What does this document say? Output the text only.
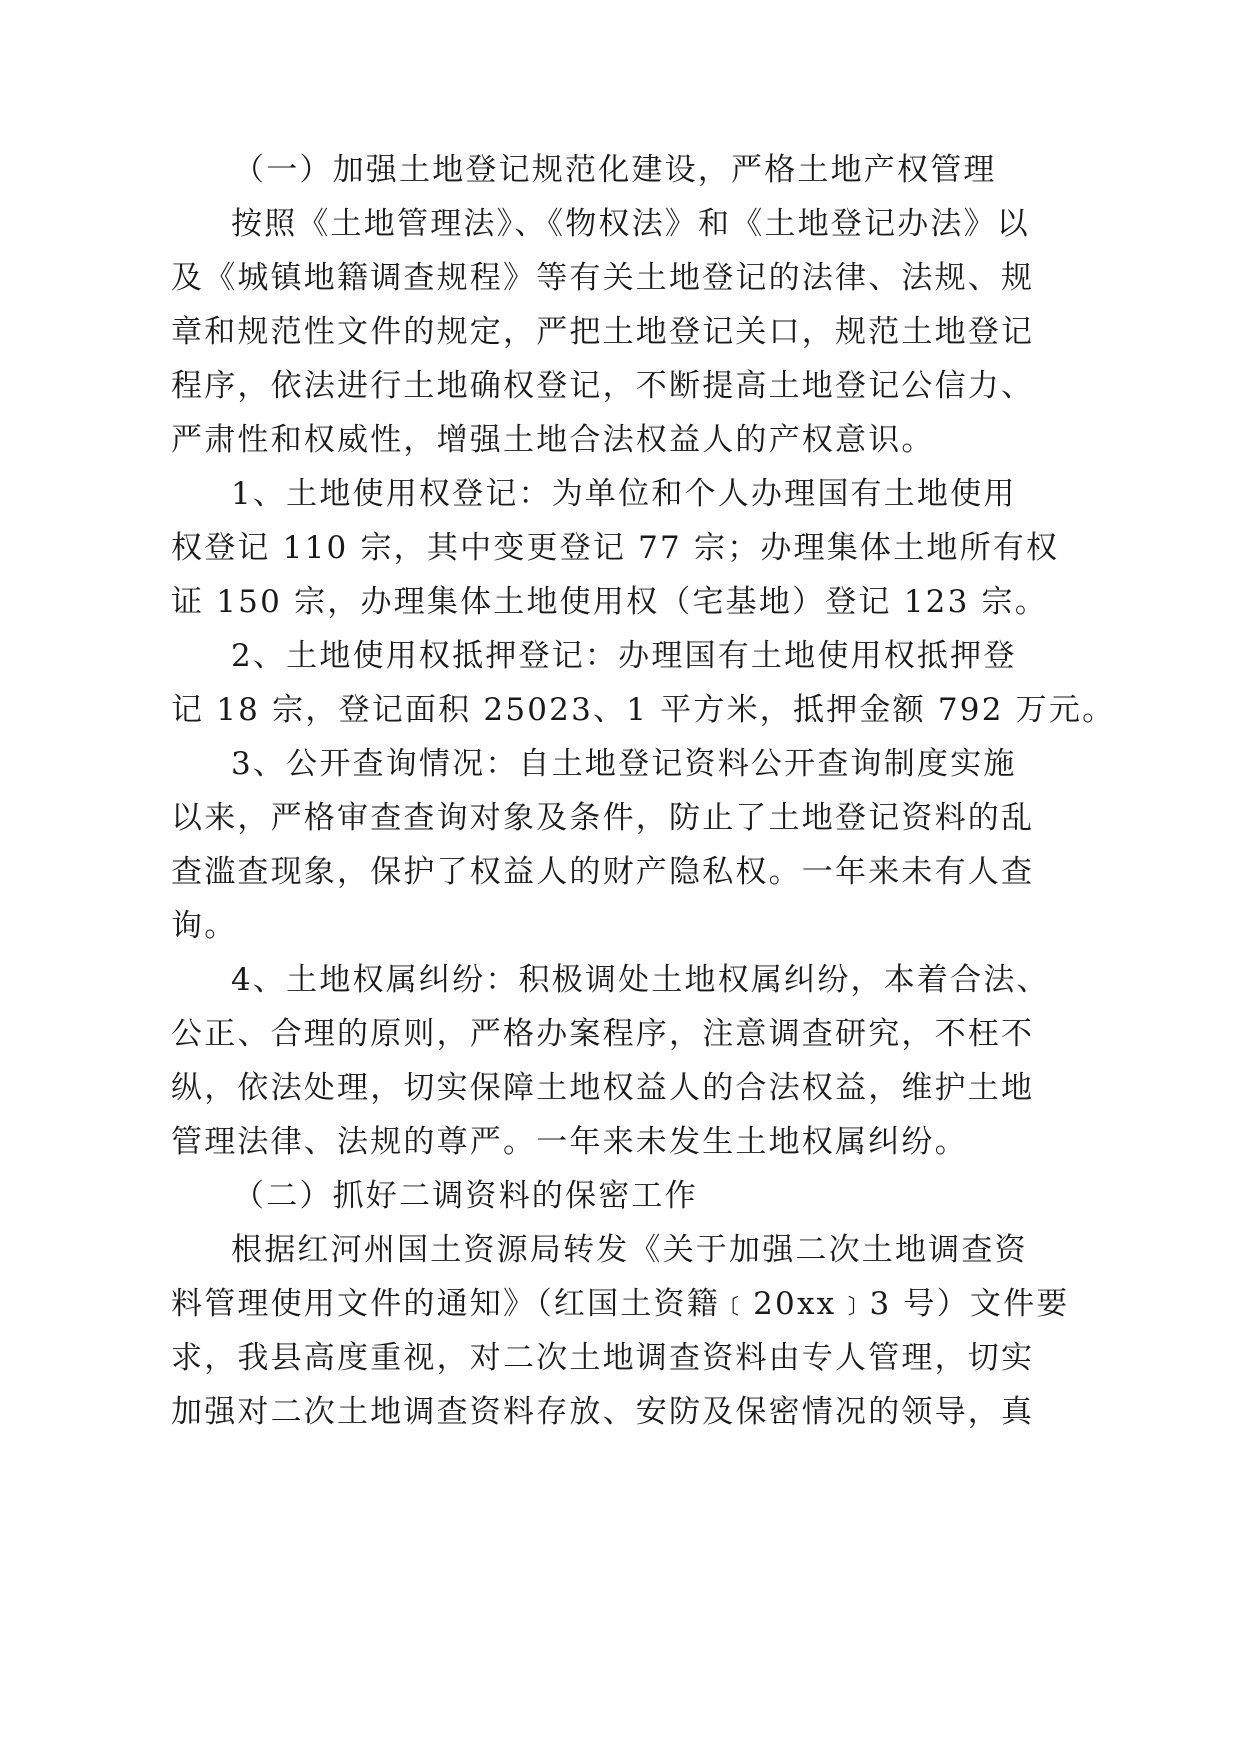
（一）加强土地登记规范化建设，严格土地产权管理
按照《土地管理法》、《物权法》和《土地登记办法》以
及《城镇地籍调查规程》等有关土地登记的法律、法规、规
章和规范性文件的规定，严把土地登记关口，规范土地登记
程序，依法进行土地确权登记，不断提高土地登记公信力、
严肃性和权威性，增强土地合法权益人的产权意识。
1、土地使用权登记：为单位和个人办理国有土地使用
权登记 110 宗，其中变更登记 77 宗；办理集体土地所有权
证 150 宗，办理集体土地使用权（宅基地）登记 123 宗。
2、土地使用权抵押登记：办理国有土地使用权抵押登
记 18 宗，登记面积 25023、1 平方米，抵押金额 792 万元。
3、公开查询情况：自土地登记资料公开查询制度实施
以来，严格审查查询对象及条件，防止了土地登记资料的乱
查滥查现象，保护了权益人的财产隐私权。一年来未有人查
询。
4、土地权属纠纷：积极调处土地权属纠纷，本着合法、
公正、合理的原则，严格办案程序，注意调查研究，不枉不
纵，依法处理，切实保障土地权益人的合法权益，维护土地
管理法律、法规的尊严。一年来未发生土地权属纠纷。
（二）抓好二调资料的保密工作
根据红河州国土资源局转发《关于加强二次土地调查资
料管理使用文件的通知》（红国土资籍﹝20xx﹞3 号）文件要
求，我县高度重视，对二次土地调查资料由专人管理，切实
加强对二次土地调查资料存放、安防及保密情况的领导，真
